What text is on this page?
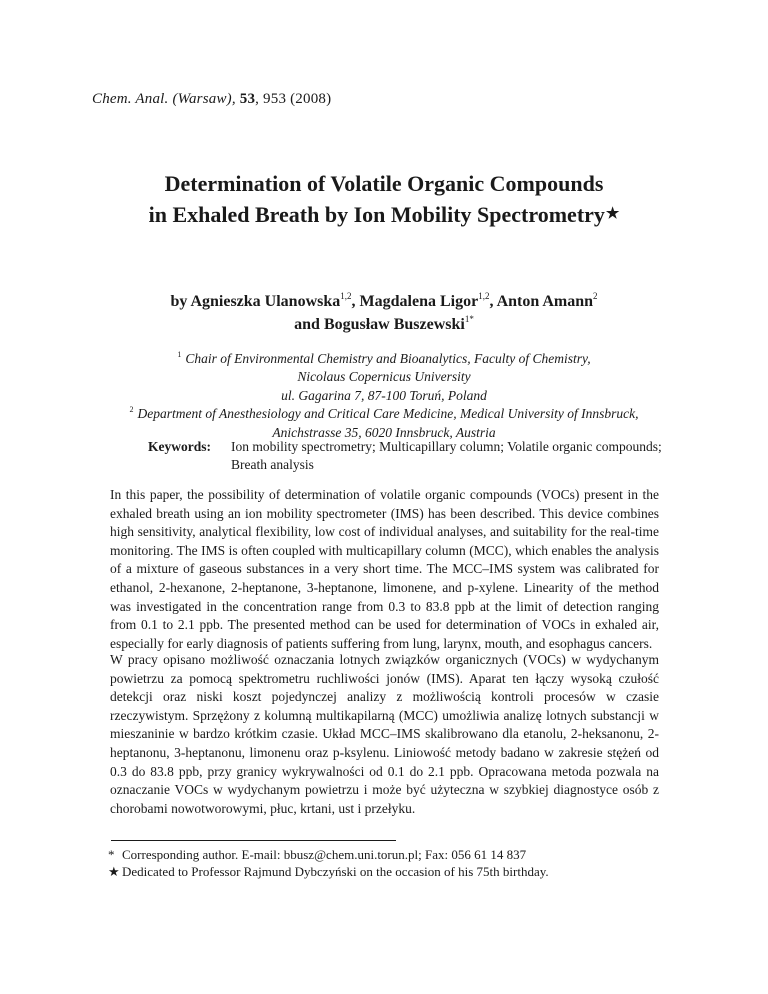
Chem. Anal. (Warsaw), 53, 953 (2008)
Determination of Volatile Organic Compounds
in Exhaled Breath by Ion Mobility Spectrometry★
by Agnieszka Ulanowska$^{1,2}$, Magdalena Ligor$^{1,2}$, Anton Amann$^2$
and Bogusław Buszewski$^{1*}$
$^1$ Chair of Environmental Chemistry and Bioanalytics, Faculty of Chemistry,
Nicolaus Copernicus University
ul. Gagarina 7, 87-100 Toruń, Poland
$^2$ Department of Anesthesiology and Critical Care Medicine, Medical University of Innsbruck,
Anichstrasse 35, 6020 Innsbruck, Austria
Keywords: Ion mobility spectrometry; Multicapillary column; Volatile organic compounds; Breath analysis

In this paper, the possibility of determination of volatile organic compounds (VOCs) present in the exhaled breath using an ion mobility spectrometer (IMS) has been described. This device combines high sensitivity, analytical flexibility, low cost of individual analyses, and suitability for the real-time monitoring. The IMS is often coupled with multicapillary column (MCC), which enables the analysis of a mixture of gaseous substances in a very short time. The MCC–IMS system was calibrated for ethanol, 2-hexanone, 2-heptanone, 3-heptanone, limonene, and p-xylene. Linearity of the method was investigated in the concentration range from 0.3 to 83.8 ppb at the limit of detection ranging from 0.1 to 2.1 ppb. The presented method can be used for determination of VOCs in exhaled air, especially for early diagnosis of patients suffering from lung, larynx, mouth, and esophagus cancers.

W pracy opisano możliwość oznaczania lotnych związków organicznych (VOCs) w wydychanym powietrzu za pomocą spektrometru ruchliwości jonów (IMS). Aparat ten łączy wysoką czułość detekcji oraz niski koszt pojedynczej analizy z możliwością kontroli procesów w czasie rzeczywistym. Sprzężony z kolumną multikapilarną (MCC) umożliwia analizę lotnych substancji w mieszaninie w bardzo krótkim czasie. Układ MCC–IMS skalibrowano dla etanolu, 2-heksanonu, 2-heptanonu, 3-heptanonu, limonenu oraz p-ksylenu. Liniowość metody badano w zakresie stężeń od 0.3 do 83.8 ppb, przy granicy wykrywalności od 0.1 do 2.1 ppb. Opracowana metoda pozwala na oznaczanie VOCs w wydychanym powietrzu i może być użyteczna w szybkiej diagnostyce osób z chorobami nowotworowymi, płuc, krtani, ust i przełyku.

* Corresponding author. E-mail: bbusz@chem.uni.torun.pl; Fax: 056 61 14 837
★ Dedicated to Professor Rajmund Dybczyński on the occasion of his 75th birthday.
